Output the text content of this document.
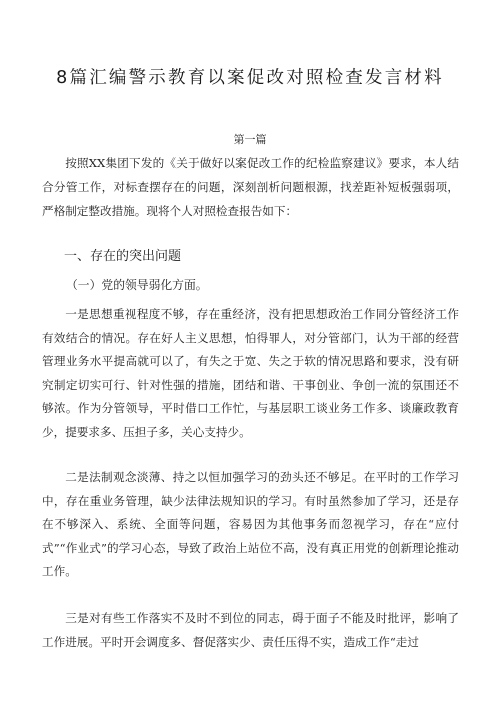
8篇汇编警示教育以案促改对照检查发言材料
第一篇
按照XX集团下发的《关于做好以案促改工作的纪检监察建议》要求，本人结合分管工作，对标查摆存在的问题，深刻剖析问题根源，找差距补短板强弱项，严格制定整改措施。现将个人对照检查报告如下：
一、存在的突出问题
（一）党的领导弱化方面。
一是思想重视程度不够，存在重经济，没有把思想政治工作同分管经济工作有效结合的情况。存在好人主义思想，怕得罪人，对分管部门，认为干部的经营管理业务水平提高就可以了，有失之于宽、失之于软的情况思路和要求，没有研究制定切实可行、针对性强的措施，团结和谐、干事创业、争创一流的氛围还不够浓。作为分管领导，平时借口工作忙，与基层职工谈业务工作多、谈廉政教育少，提要求多、压担子多，关心支持少。
二是法制观念淡薄、持之以恒加强学习的劲头还不够足。在平时的工作学习中，存在重业务管理，缺少法律法规知识的学习。有时虽然参加了学习，还是存在不够深入、系统、全面等问题，容易因为其他事务而忽视学习，存在“应付式”“作业式”的学习心态，导致了政治上站位不高，没有真正用党的创新理论推动工作。
三是对有些工作落实不及时不到位的同志，碍于面子不能及时批评，影响了工作进展。平时开会调度多、督促落实少、责任压得不实，造成工作“走过
